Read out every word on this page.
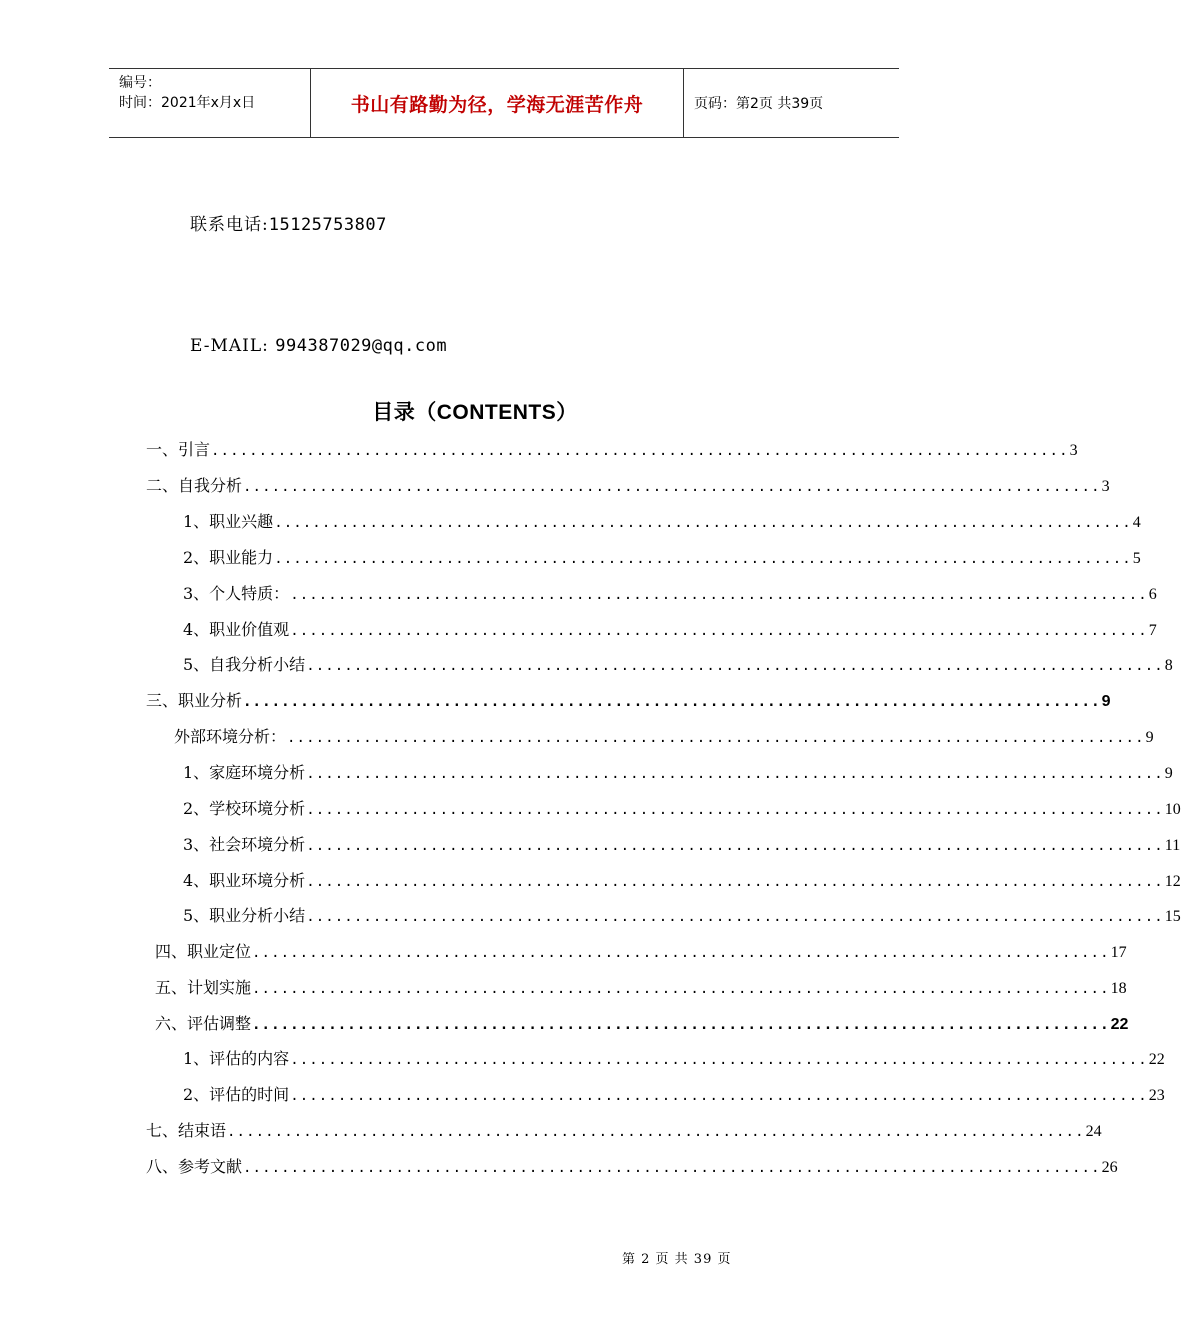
编号：
时间：2021年x月x日	书山有路勤为径，学海无涯苦作舟	页码：第2页 共39页
联系电话:15125753807
E-MAIL: 994387029@qq.com
目录（CONTENTS）
一、引言 .......................................................................................... 3
二、自我分析 .......................................................................................... 3
1、职业兴趣 .......................................................................................... 4
2、职业能力 .......................................................................................... 5
3、个人特质： .......................................................................................... 6
4、职业价值观 .......................................................................................... 7
5、自我分析小结 .......................................................................................... 8
三、职业分析 .......................................................................................... 9
外部环境分析： .......................................................................................... 9
1、家庭环境分析 .......................................................................................... 9
2、学校环境分析 .......................................................................................... 10
3、社会环境分析 .......................................................................................... 11
4、职业环境分析 .......................................................................................... 12
5、职业分析小结 .......................................................................................... 15
四、职业定位 .......................................................................................... 17
五、计划实施 .......................................................................................... 18
六、评估调整 .......................................................................................... 22
1、评估的内容 .......................................................................................... 22
2、评估的时间 .......................................................................................... 23
七、结束语 .......................................................................................... 24
八、参考文献 .......................................................................................... 26
第 2 页 共 39 页
